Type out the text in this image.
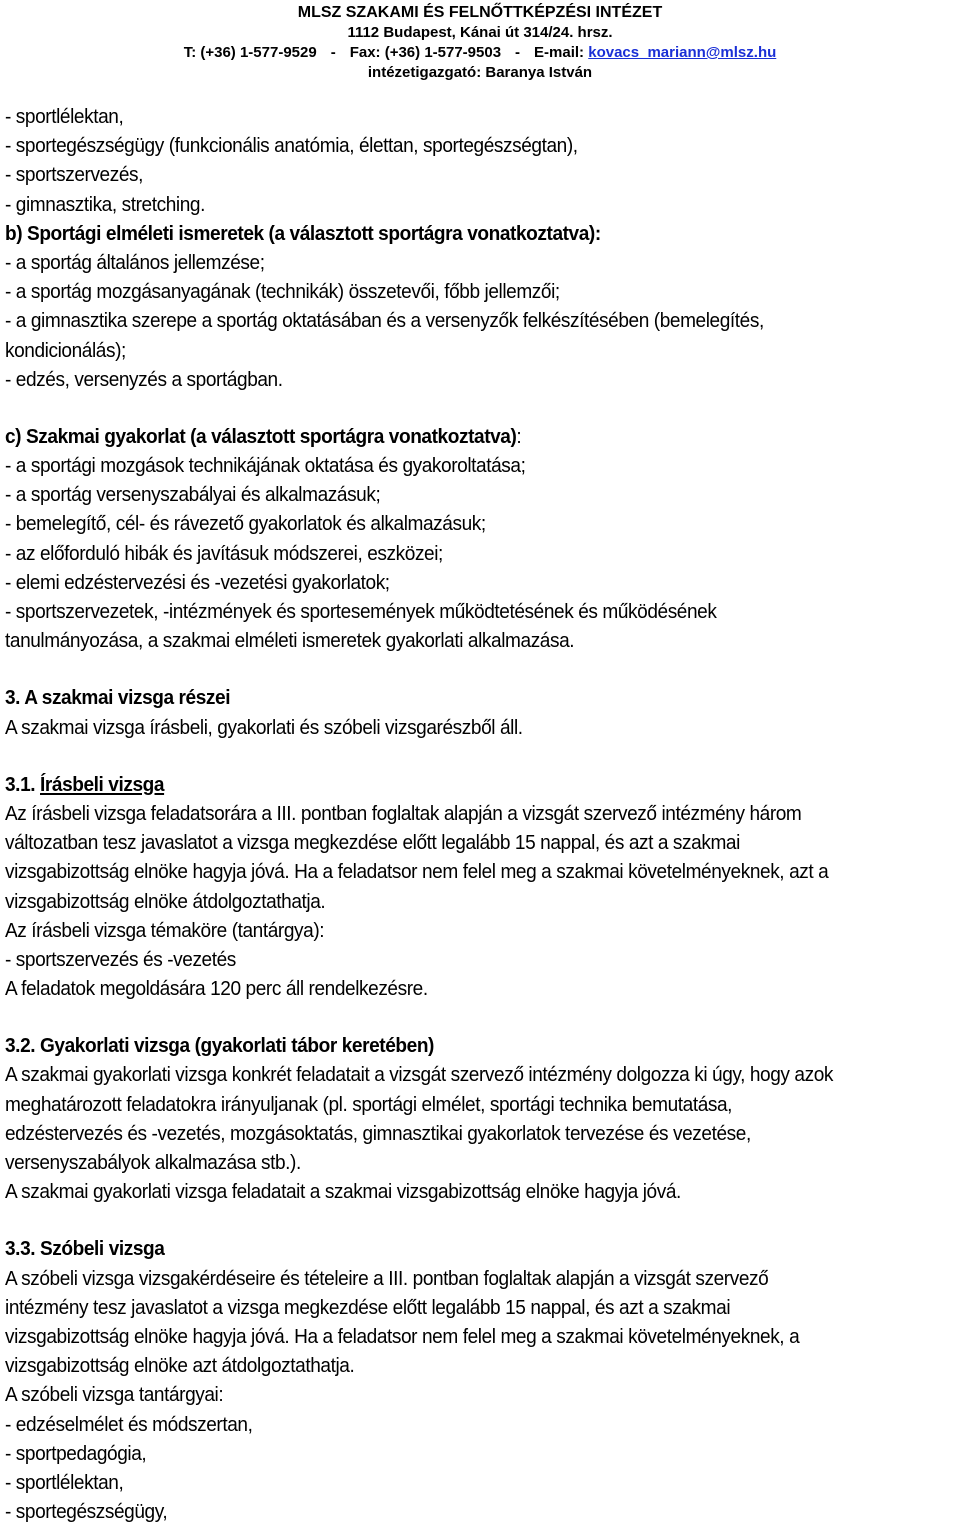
MLSZ SZAKAMI ÉS FELNŐTTKÉPZÉSI INTÉZET
1112 Budapest, Kánai út 314/24. hrsz.
T: (+36) 1-577-9529 - Fax: (+36) 1-577-9503 - E-mail: kovacs_mariann@mlsz.hu
intézetigazgató: Baranya István
- sportlélektan,
- sportegészségügy (funkcionális anatómia, élettan, sportegészségtan),
- sportszervezés,
- gimnasztika, stretching.
b) Sportági elméleti ismeretek (a választott sportágra vonatkoztatva):
- a sportág általános jellemzése;
- a sportág mozgásanyagának (technikák) összetevői, főbb jellemzői;
- a gimnasztika szerepe a sportág oktatásában és a versenyzők felkészítésében (bemelegítés,
kondicionálás);
- edzés, versenyzés a sportágban.
c) Szakmai gyakorlat (a választott sportágra vonatkoztatva):
- a sportági mozgások technikájának oktatása és gyakoroltatása;
- a sportág versenyszabályai és alkalmazásuk;
- bemelegítő, cél- és rávezető gyakorlatok és alkalmazásuk;
- az előforduló hibák és javításuk módszerei, eszközei;
- elemi edzéstervezési és -vezetési gyakorlatok;
- sportszervezetek, -intézmények és sportesemények működtetésének és működésének
tanulmányozása, a szakmai elméleti ismeretek gyakorlati alkalmazása.
3. A szakmai vizsga részei
A szakmai vizsga írásbeli, gyakorlati és szóbeli vizsgarészből áll.
3.1. Írásbeli vizsga
Az írásbeli vizsga feladatsorára a III. pontban foglaltak alapján a vizsgát szervező intézmény három
változatban tesz javaslatot a vizsga megkezdése előtt legalább 15 nappal, és azt a szakmai
vizsgabizottság elnöke hagyja jóvá. Ha a feladatsor nem felel meg a szakmai követelményeknek, azt a
vizsgabizottság elnöke átdolgoztathatja.
Az írásbeli vizsga témaköre (tantárgya):
- sportszervezés és -vezetés
A feladatok megoldására 120 perc áll rendelkezésre.
3.2. Gyakorlati vizsga (gyakorlati tábor keretében)
A szakmai gyakorlati vizsga konkrét feladatait a vizsgát szervező intézmény dolgozza ki úgy, hogy azok
meghatározott feladatokra irányuljanak (pl. sportági elmélet, sportági technika bemutatása,
edzéstervezés és -vezetés, mozgásoktatás, gimnasztikai gyakorlatok tervezése és vezetése,
versenyszabályok alkalmazása stb.).
A szakmai gyakorlati vizsga feladatait a szakmai vizsgabizottság elnöke hagyja jóvá.
3.3. Szóbeli vizsga
A szóbeli vizsga vizsgakérdéseire és tételeire a III. pontban foglaltak alapján a vizsgát szervező
intézmény tesz javaslatot a vizsga megkezdése előtt legalább 15 nappal, és azt a szakmai
vizsgabizottság elnöke hagyja jóvá. Ha a feladatsor nem felel meg a szakmai követelményeknek, a
vizsgabizottság elnöke azt átdolgoztathatja.
A szóbeli vizsga tantárgyai:
- edzéselmélet és módszertan,
- sportpedagógia,
- sportlélektan,
- sportegészségügy,
